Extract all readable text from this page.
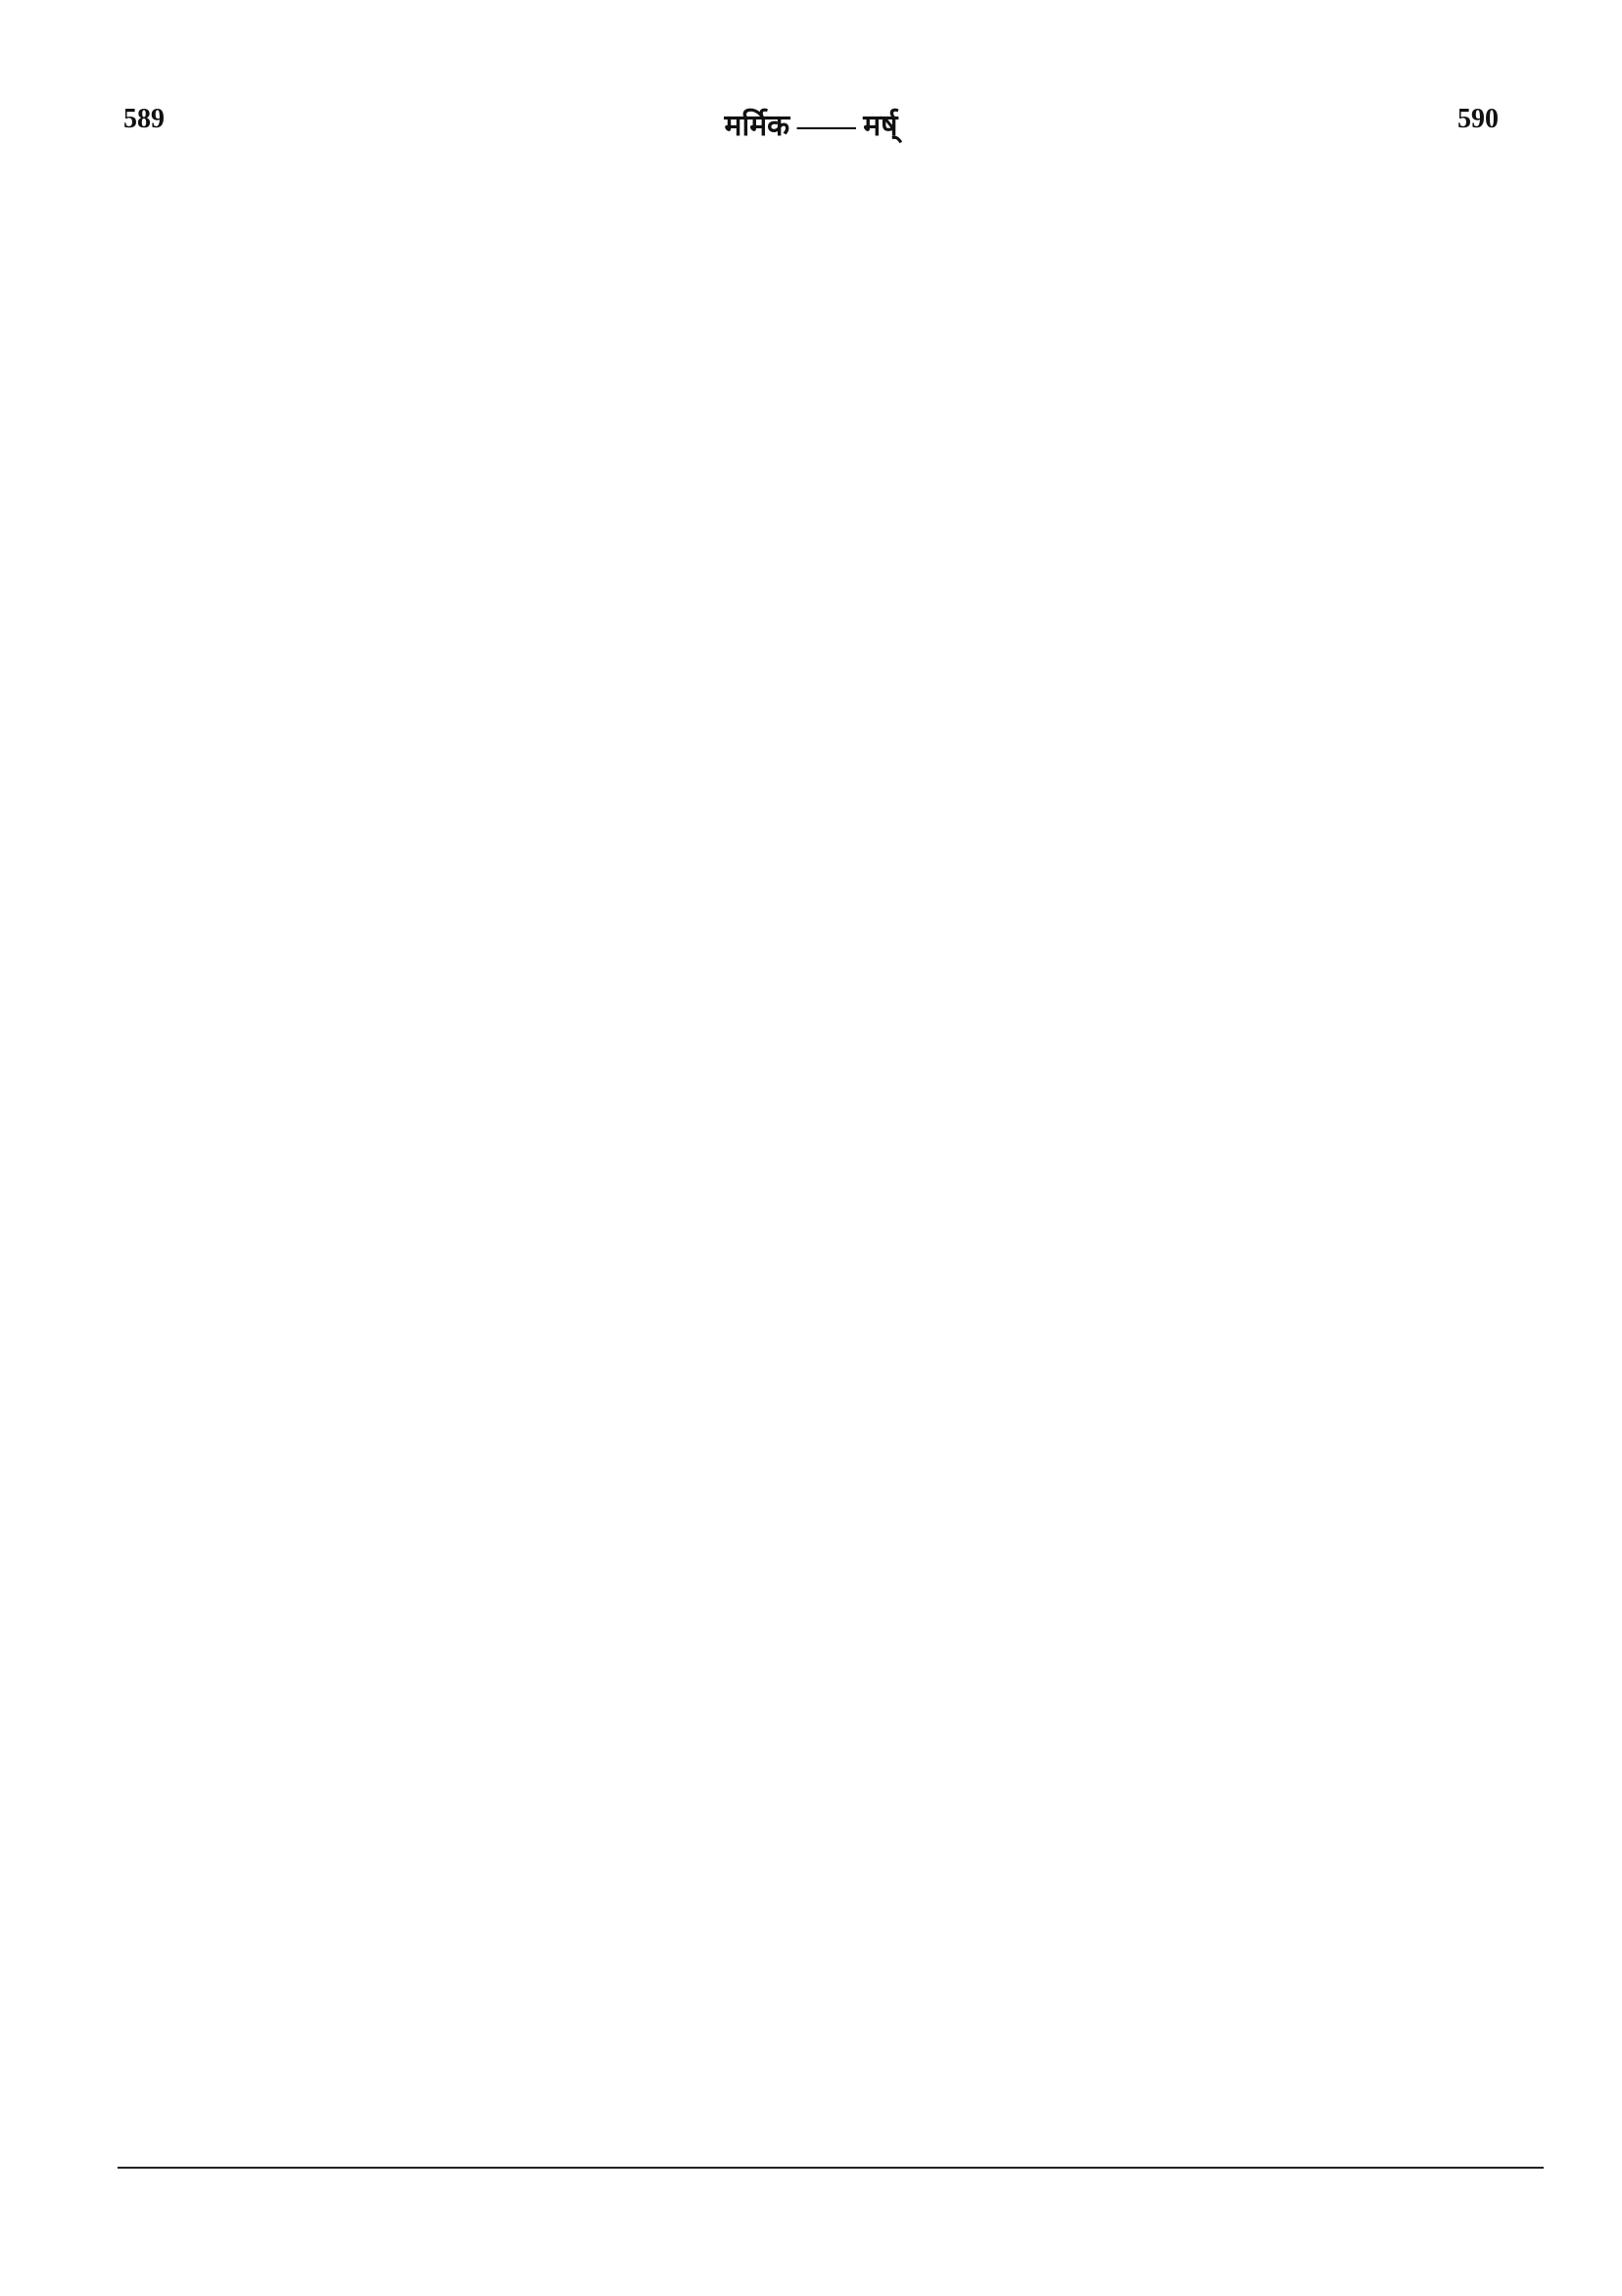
589	मर्मिक —— मर्ष्	590
